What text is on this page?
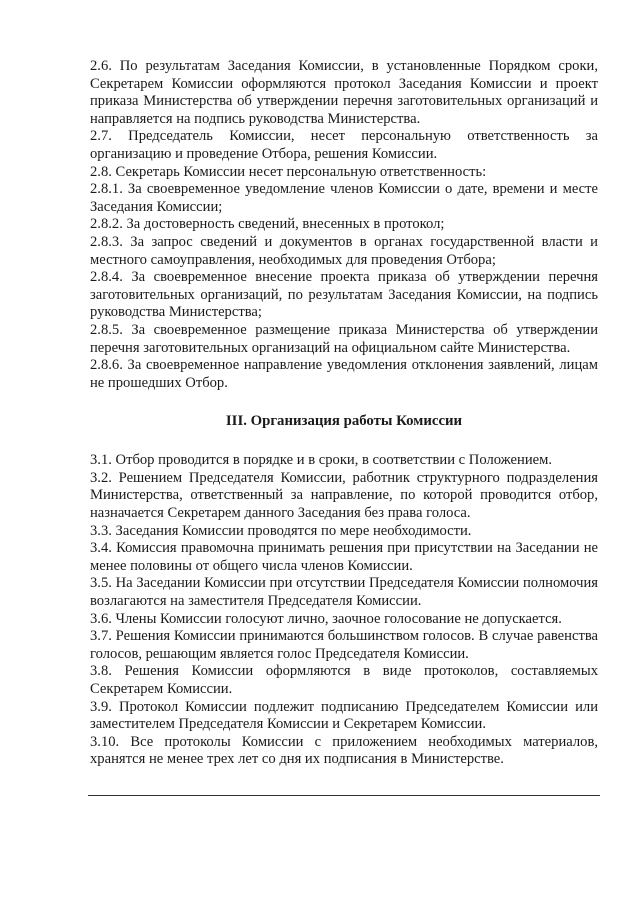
2.6. По результатам Заседания Комиссии, в установленные Порядком сроки, Секретарем Комиссии оформляются протокол Заседания Комиссии и проект приказа Министерства об утверждении перечня заготовительных организаций и направляется на подпись руководства Министерства.

2.7. Председатель Комиссии, несет персональную ответственность за организацию и проведение Отбора, решения Комиссии.

2.8. Секретарь Комиссии несет персональную ответственность:

2.8.1. За своевременное уведомление членов Комиссии о дате, времени и месте Заседания Комиссии;

2.8.2. За достоверность сведений, внесенных в протокол;

2.8.3. За запрос сведений и документов в органах государственной власти и местного самоуправления, необходимых для проведения Отбора;

2.8.4. За своевременное внесение проекта приказа об утверждении перечня заготовительных организаций, по результатам Заседания Комиссии, на подпись руководства Министерства;

2.8.5. За своевременное размещение приказа Министерства об утверждении перечня заготовительных организаций на официальном сайте Министерства.

2.8.6. За своевременное направление уведомления отклонения заявлений, лицам не прошедших Отбор.

III. Организация работы Комиссии

3.1. Отбор проводится в порядке и в сроки, в соответствии с Положением.

3.2. Решением Председателя Комиссии, работник структурного подразделения Министерства, ответственный за направление, по которой проводится отбор, назначается Секретарем данного Заседания без права голоса.

3.3. Заседания Комиссии проводятся по мере необходимости.

3.4. Комиссия правомочна принимать решения при присутствии на Заседании не менее половины от общего числа членов Комиссии.

3.5. На Заседании Комиссии при отсутствии Председателя Комиссии полномочия возлагаются на заместителя Председателя Комиссии.

3.6. Члены Комиссии голосуют лично, заочное голосование не допускается.

3.7. Решения Комиссии принимаются большинством голосов. В случае равенства голосов, решающим является голос Председателя Комиссии.

3.8. Решения Комиссии оформляются в виде протоколов, составляемых Секретарем Комиссии.

3.9. Протокол Комиссии подлежит подписанию Председателем Комиссии или заместителем Председателя Комиссии и Секретарем Комиссии.

3.10. Все протоколы Комиссии с приложением необходимых материалов, хранятся не менее трех лет со дня их подписания в Министерстве.
